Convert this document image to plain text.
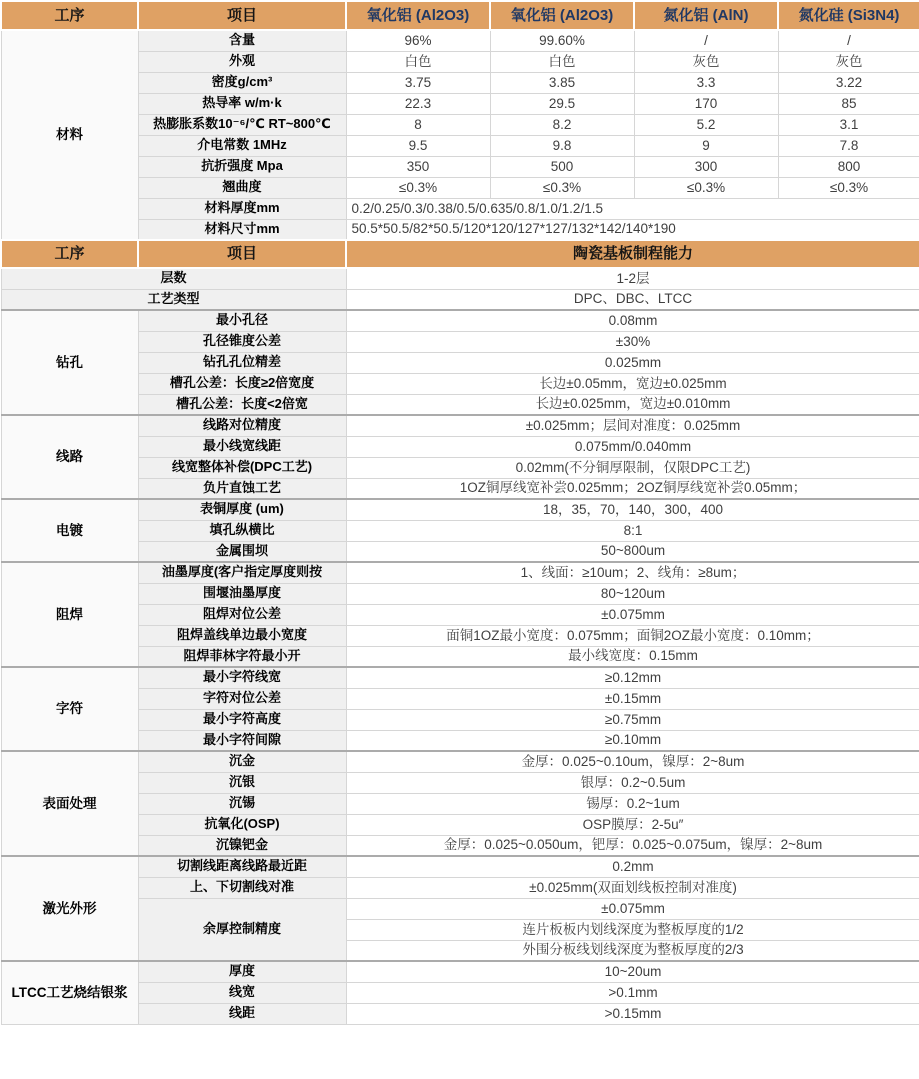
工序	项目	氧化铝 (Al2O3)	氧化铝 (Al2O3)	氮化铝 (AlN)	氮化硅 (Si3N4)
材料	含量	96%	99.60%	/	/
	外观	白色	白色	灰色	灰色
	密度g/cm³	3.75	3.85	3.3	3.22
	热导率 w/m·k	22.3	29.5	170	85
	热膨胀系数10⁻⁶/℃ RT~800℃	8	8.2	5.2	3.1
	介电常数 1MHz	9.5	9.8	9	7.8
	抗折强度 Mpa	350	500	300	800
	翘曲度	≤0.3%	≤0.3%	≤0.3%	≤0.3%
	材料厚度mm	0.2/0.25/0.3/0.38/0.5/0.635/0.8/1.0/1.2/1.5			
	材料尺寸mm	50.5*50.5/82*50.5/120*120/127*127/132*142/140*190			
工序	项目	陶瓷基板制程能力			
层数		1-2层			
工艺类型		DPC、DBC、LTCC			
钻孔	最小孔径	0.08mm			
	孔径锥度公差	±30%			
	钻孔孔位精差	0.025mm			
	槽孔公差：长度≥2倍宽度	长边±0.05mm，宽边±0.025mm			
	槽孔公差：长度<2倍宽	长边±0.025mm，宽边±0.010mm			
线路	线路对位精度	±0.025mm；层间对准度：0.025mm			
	最小线宽线距	0.075mm/0.040mm			
	线宽整体补偿(DPC工艺)	0.02mm(不分铜厚限制，仅限DPC工艺)			
	负片直蚀工艺	1OZ铜厚线宽补尝0.025mm；2OZ铜厚线宽补尝0.05mm；			
电镀	表铜厚度 (um)	18，35，70，140，300，400			
	填孔纵横比	8:1			
	金属围坝	50~800um			
阻焊	油墨厚度(客户指定厚度则按	1、线面：≥10um；2、线角：≥8um；			
	围堰油墨厚度	80~120um			
	阻焊对位公差	±0.075mm			
	阻焊盖线单边最小宽度	面铜1OZ最小宽度：0.075mm；面铜2OZ最小宽度：0.10mm；			
	阻焊菲林字符最小开	最小线宽度：0.15mm			
字符	最小字符线宽	≥0.12mm			
	字符对位公差	±0.15mm			
	最小字符高度	≥0.75mm			
	最小字符间隙	≥0.10mm			
表面处理	沉金	金厚：0.025~0.10um，镍厚：2~8um			
	沉银	银厚：0.2~0.5um			
	沉锡	锡厚：0.2~1um			
	抗氧化(OSP)	OSP膜厚：2-5u″			
	沉镍钯金	金厚：0.025~0.050um，钯厚：0.025~0.075um，镍厚：2~8um			
激光外形	切割线距离线路最近距	0.2mm			
	上、下切割线对准	±0.025mm(双面划线板控制对准度)			
	余厚控制精度	±0.075mm			
		连片板板内划线深度为整板厚度的1/2			
		外围分板线划线深度为整板厚度的2/3			
LTCC工艺烧结银浆	厚度	10~20um			
	线宽	>0.1mm			
	线距	>0.15mm			
